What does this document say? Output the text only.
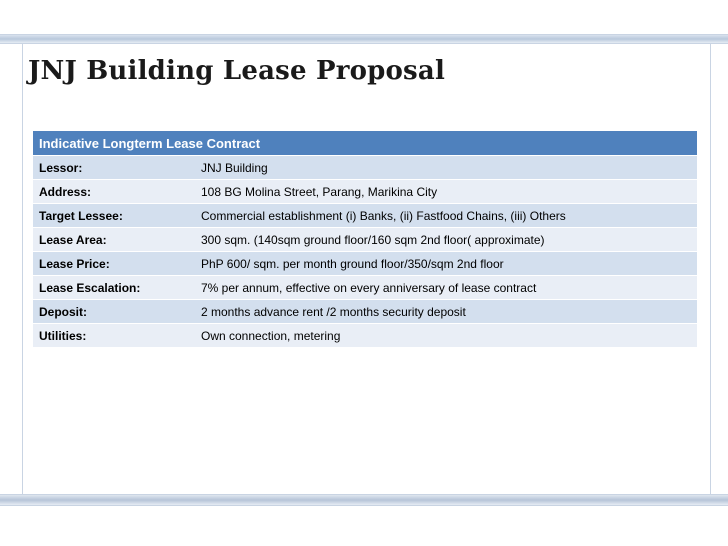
JNJ Building Lease Proposal
Indicative Longterm Lease Contract	
Lessor:	JNJ Building
Address:	108 BG Molina Street, Parang, Marikina City
Target Lessee:	Commercial establishment (i) Banks, (ii) Fastfood Chains, (iii) Others
Lease Area:	300 sqm. (140sqm ground floor/160 sqm 2nd floor( approximate)
Lease Price:	PhP 600/ sqm. per month ground floor/350/sqm 2nd floor
Lease Escalation:	7% per annum, effective on every anniversary of lease contract
Deposit:	2 months advance rent /2 months security deposit
Utilities:	Own connection, metering
